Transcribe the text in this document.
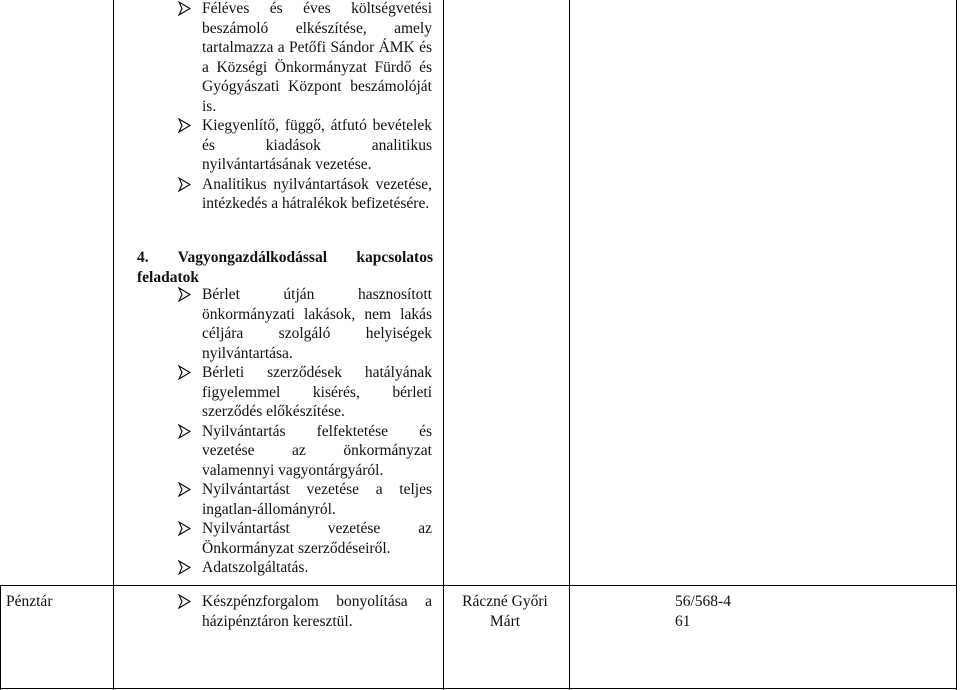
Féléves és éves költségvetési beszámoló elkészítése, amely tartalmazza a Petőfi Sándor ÁMK és a Községi Önkormányzat Fürdő és Gyógyászati Központ beszámolóját is.
Kiegyenlítő, függő, átfutó bevételek és kiadások analitikus nyilvántartásának vezetése.
Analitikus nyilvántartások vezetése, intézkedés a hátralékok befizetésére.
4. Vagyongazdálkodással kapcsolatos feladatok
Bérlet útján hasznosított önkormányzati lakások, nem lakás céljára szolgáló helyiségek nyilvántartása.
Bérleti szerződések hatályának figyelemmel kisérés, bérleti szerződés előkészítése.
Nyilvántartás felfektetése és vezetése az önkormányzat valamennyi vagyontárgyáról.
Nyilvántartást vezetése a teljes ingatlan-állományról.
Nyilvántartást vezetése az Önkormányzat szerződéseiről.
Adatszolgáltatás.
Pénztár	Készpénzforgalom bonyolítása a házipénztáron keresztül.
Ráczné Győri Márt
56/568-461
